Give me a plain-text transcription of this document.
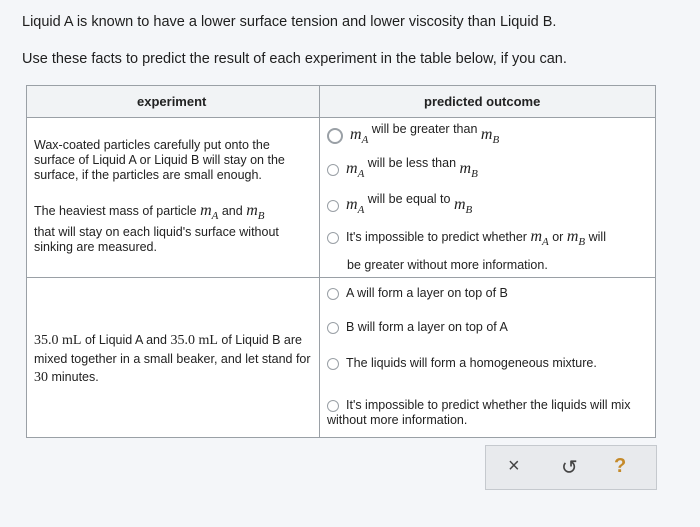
Liquid A is known to have a lower surface tension and lower viscosity than Liquid B.
Use these facts to predict the result of each experiment in the table below, if you can.
experiment	predicted outcome
Wax-coated particles carefully put onto the surface of Liquid A or Liquid B will stay on the surface, if the particles are small enough.
The heaviest mass of particle mA and mB
that will stay on each liquid's surface without sinking are measured.
mA will be greater than mB
mA will be less than mB
mA will be equal to mB
It's impossible to predict whether mA or mB will
be greater without more information.
35.0 mL of Liquid A and 35.0 mL of Liquid B are mixed together in a small beaker, and let stand for 30 minutes.
A will form a layer on top of B
B will form a layer on top of A
The liquids will form a homogeneous mixture.
It's impossible to predict whether the liquids will mix without more information.
× ↺ ?
